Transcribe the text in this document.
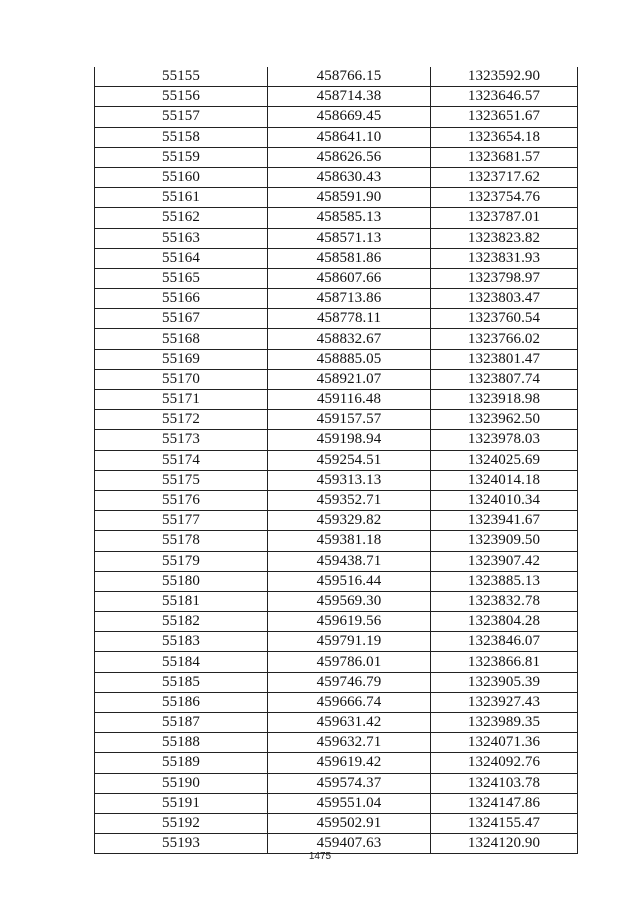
55155	458766.15	1323592.90
55156	458714.38	1323646.57
55157	458669.45	1323651.67
55158	458641.10	1323654.18
55159	458626.56	1323681.57
55160	458630.43	1323717.62
55161	458591.90	1323754.76
55162	458585.13	1323787.01
55163	458571.13	1323823.82
55164	458581.86	1323831.93
55165	458607.66	1323798.97
55166	458713.86	1323803.47
55167	458778.11	1323760.54
55168	458832.67	1323766.02
55169	458885.05	1323801.47
55170	458921.07	1323807.74
55171	459116.48	1323918.98
55172	459157.57	1323962.50
55173	459198.94	1323978.03
55174	459254.51	1324025.69
55175	459313.13	1324014.18
55176	459352.71	1324010.34
55177	459329.82	1323941.67
55178	459381.18	1323909.50
55179	459438.71	1323907.42
55180	459516.44	1323885.13
55181	459569.30	1323832.78
55182	459619.56	1323804.28
55183	459791.19	1323846.07
55184	459786.01	1323866.81
55185	459746.79	1323905.39
55186	459666.74	1323927.43
55187	459631.42	1323989.35
55188	459632.71	1324071.36
55189	459619.42	1324092.76
55190	459574.37	1324103.78
55191	459551.04	1324147.86
55192	459502.91	1324155.47
55193	459407.63	1324120.90
1475
